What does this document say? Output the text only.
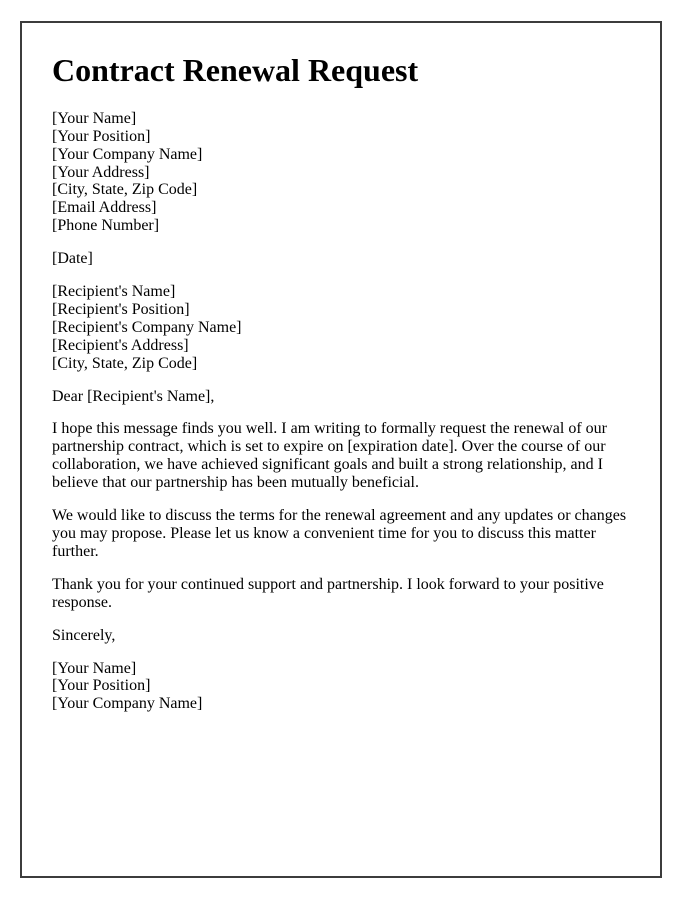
Contract Renewal Request
[Your Name]
[Your Position]
[Your Company Name]
[Your Address]
[City, State, Zip Code]
[Email Address]
[Phone Number]
[Date]
[Recipient's Name]
[Recipient's Position]
[Recipient's Company Name]
[Recipient's Address]
[City, State, Zip Code]

Dear [Recipient's Name],

I hope this message finds you well. I am writing to formally request the renewal of our partnership contract, which is set to expire on [expiration date]. Over the course of our collaboration, we have achieved significant goals and built a strong relationship, and I believe that our partnership has been mutually beneficial.

We would like to discuss the terms for the renewal agreement and any updates or changes you may propose. Please let us know a convenient time for you to discuss this matter further.

Thank you for your continued support and partnership. I look forward to your positive response.

Sincerely,

[Your Name]
[Your Position]
[Your Company Name]
